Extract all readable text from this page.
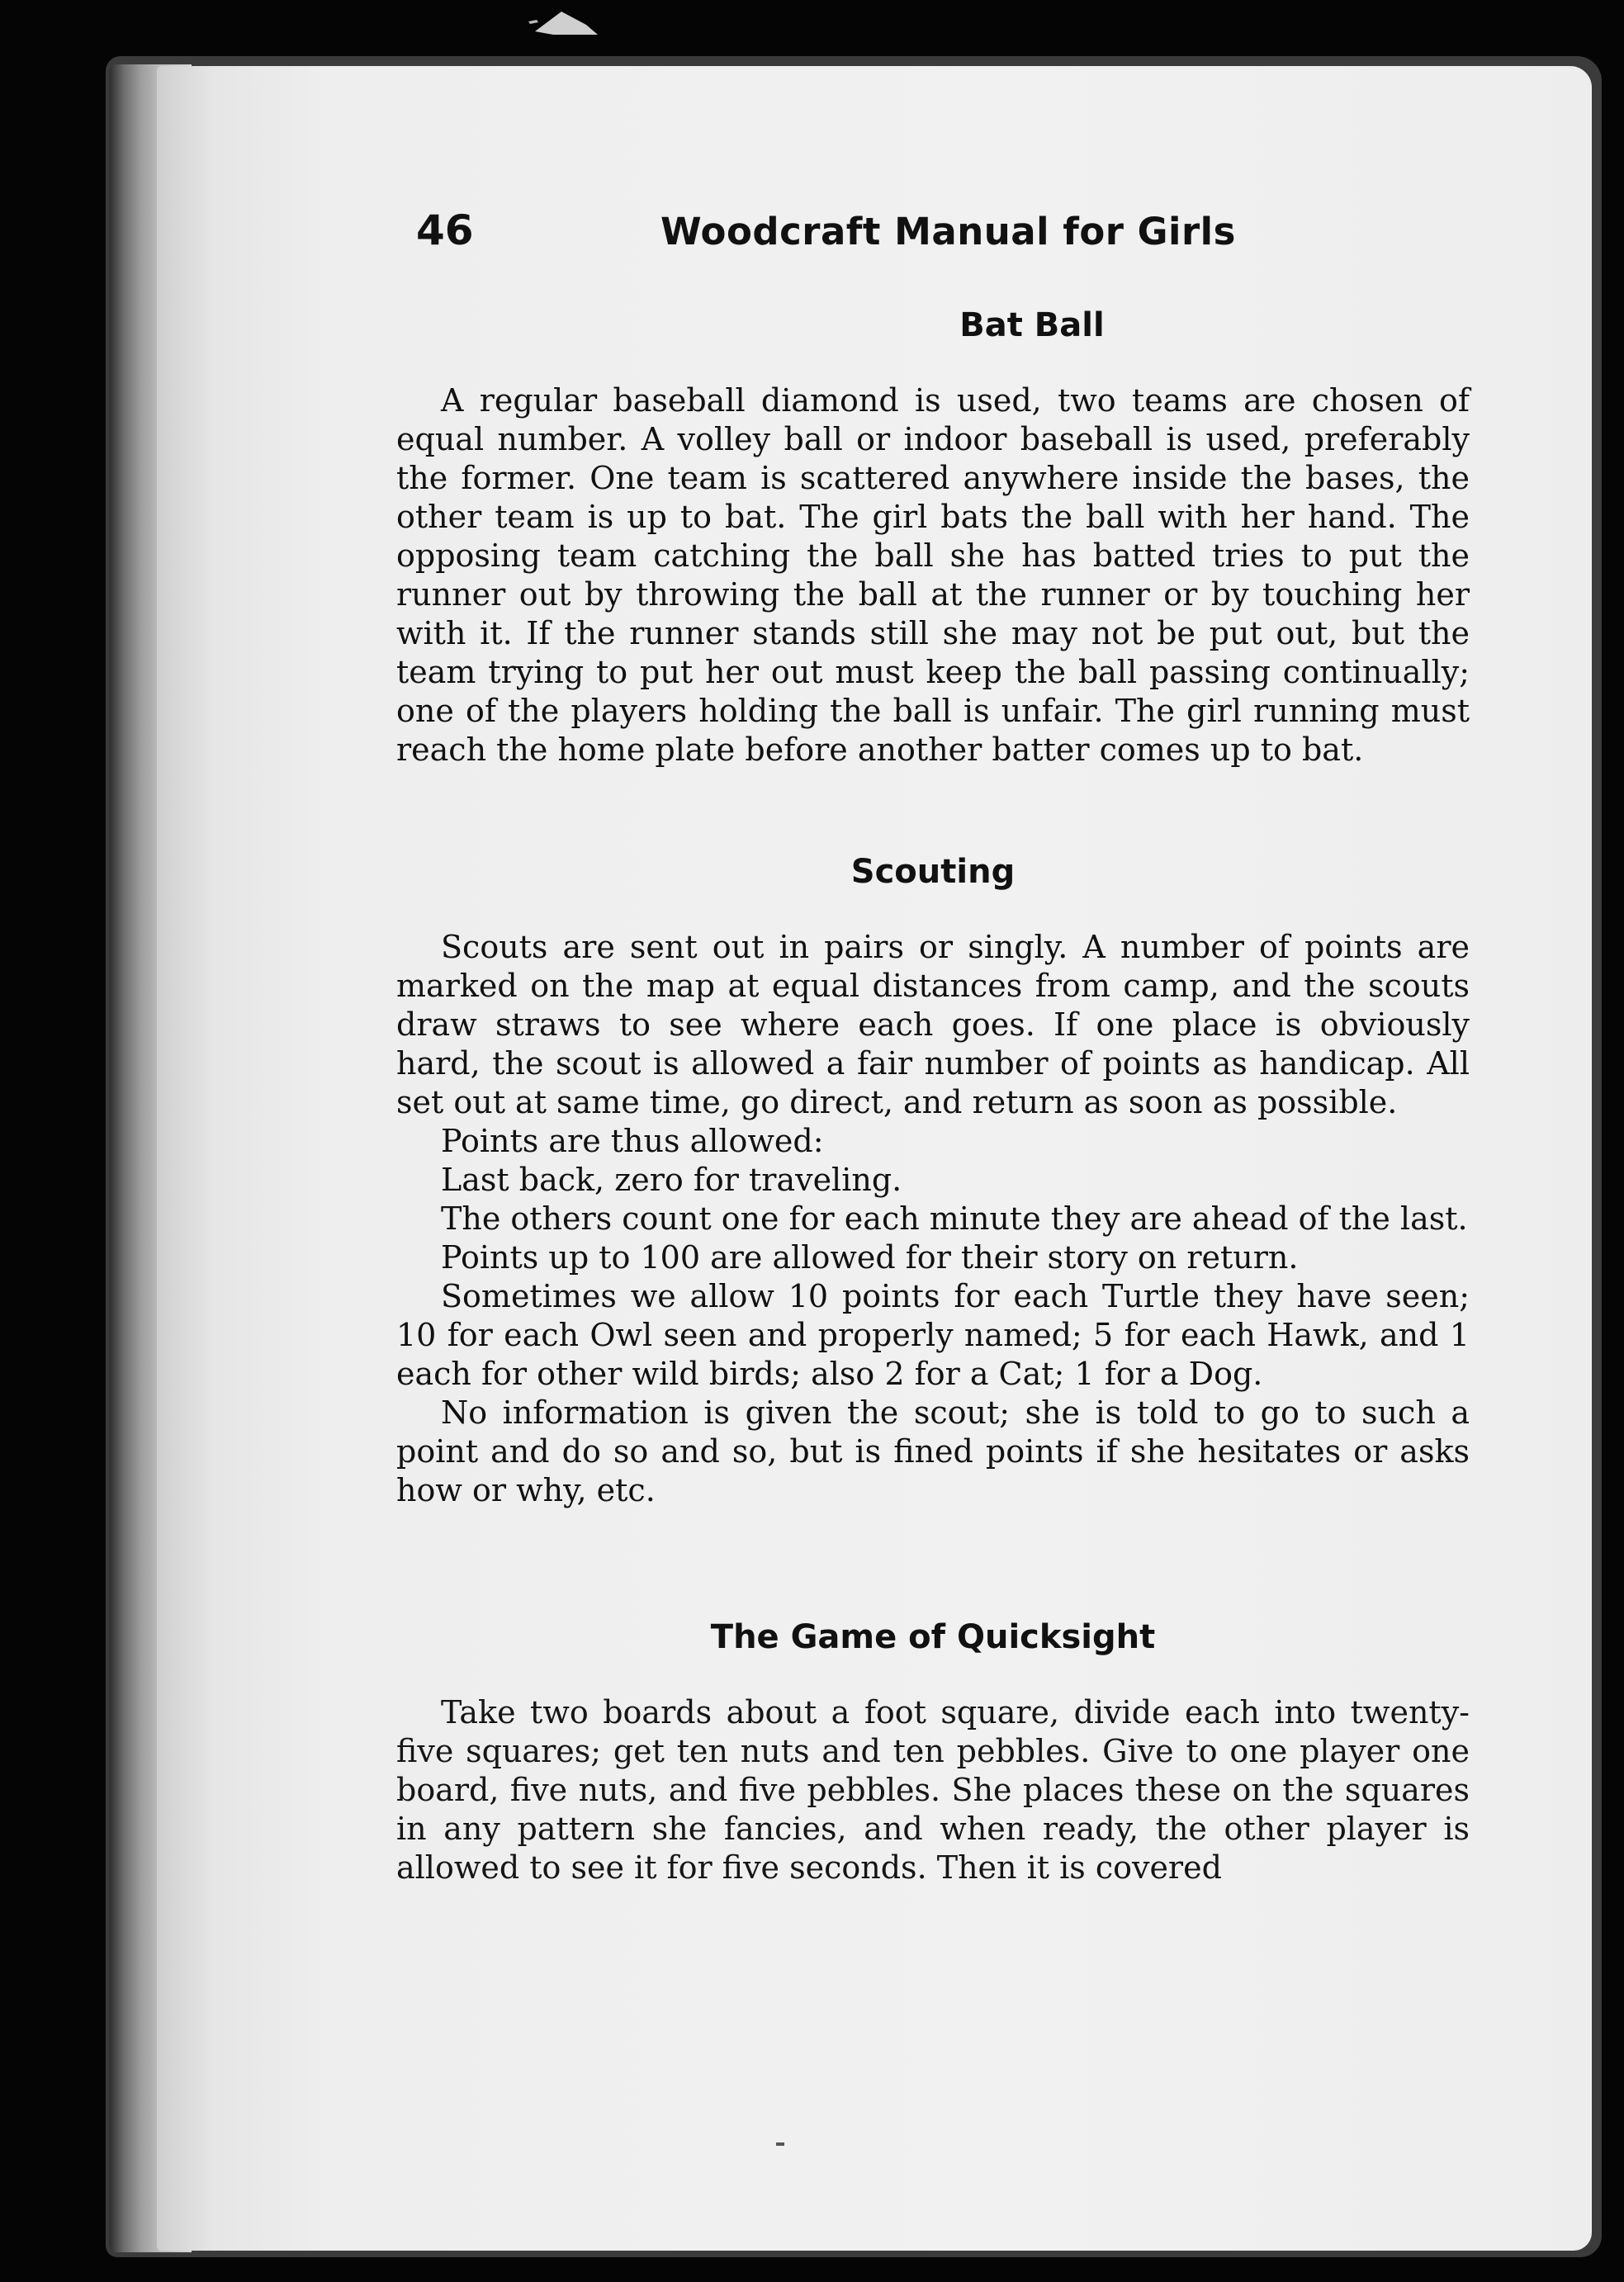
46	Woodcraft Manual for Girls
Bat Ball

A regular baseball diamond is used, two teams are chosen of equal number. A volley ball or indoor baseball is used, preferably the former. One team is scattered anywhere inside the bases, the other team is up to bat. The girl bats the ball with her hand. The opposing team catching the ball she has batted tries to put the runner out by throwing the ball at the runner or by touching her with it. If the runner stands still she may not be put out, but the team trying to put her out must keep the ball passing continually; one of the players holding the ball is unfair. The girl running must reach the home plate before another batter comes up to bat.

Scouting

Scouts are sent out in pairs or singly. A number of points are marked on the map at equal distances from camp, and the scouts draw straws to see where each goes. If one place is obviously hard, the scout is allowed a fair number of points as handicap. All set out at same time, go direct, and return as soon as possible.

Points are thus allowed:

Last back, zero for traveling.

The others count one for each minute they are ahead of the last.

Points up to 100 are allowed for their story on return.

Sometimes we allow 10 points for each Turtle they have seen; 10 for each Owl seen and properly named; 5 for each Hawk, and 1 each for other wild birds; also 2 for a Cat; 1 for a Dog.

No information is given the scout; she is told to go to such a point and do so and so, but is fined points if she hesitates or asks how or why, etc.

The Game of Quicksight

Take two boards about a foot square, divide each into twenty-five squares; get ten nuts and ten pebbles. Give to one player one board, five nuts, and five pebbles. She places these on the squares in any pattern she fancies, and when ready, the other player is allowed to see it for five seconds. Then it is covered
